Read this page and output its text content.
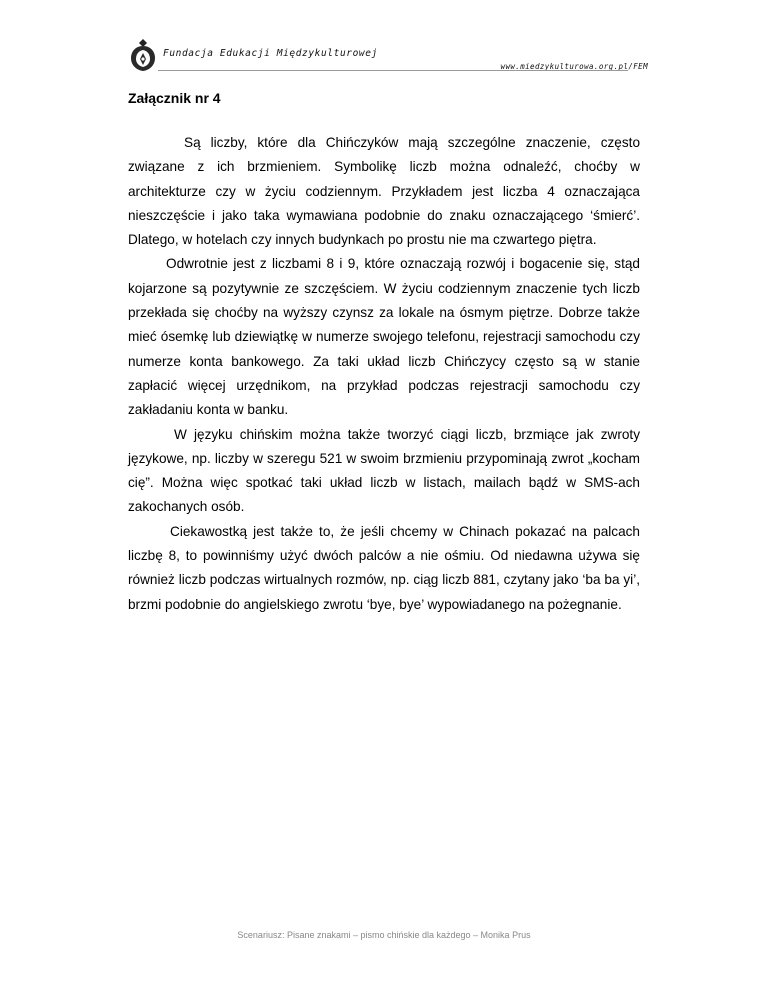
Fundacja Edukacji Międzykulturowej
www.miedzykulturowa.org.pl/FEM
Załącznik nr 4

Są liczby, które dla Chińczyków mają szczególne znaczenie, często związane z ich brzmieniem. Symbolikę liczb można odnaleźć, choćby w architekturze czy w życiu codziennym. Przykładem jest liczba 4 oznaczająca nieszczęście i jako taka wymawiana podobnie do znaku oznaczającego ‘śmierć’. Dlatego, w hotelach czy innych budynkach po prostu nie ma czwartego piętra.

Odwrotnie jest z liczbami 8 i 9, które oznaczają rozwój i bogacenie się, stąd kojarzone są pozytywnie ze szczęściem. W życiu codziennym znaczenie tych liczb przekłada się choćby na wyższy czynsz za lokale na ósmym piętrze. Dobrze także mieć ósemkę lub dziewiątkę w numerze swojego telefonu, rejestracji samochodu czy numerze konta bankowego. Za taki układ liczb Chińczycy często są w stanie zapłacić więcej urzędnikom, na przykład podczas rejestracji samochodu czy zakładaniu konta w banku.

W języku chińskim można także tworzyć ciągi liczb, brzmiące jak zwroty językowe, np. liczby w szeregu 521 w swoim brzmieniu przypominają zwrot „kocham cię”. Można więc spotkać taki układ liczb w listach, mailach bądź w SMS-ach zakochanych osób.

Ciekawostką jest także to, że jeśli chcemy w Chinach pokazać na palcach liczbę 8, to powinniśmy użyć dwóch palców a nie ośmiu. Od niedawna używa się również liczb podczas wirtualnych rozmów, np. ciąg liczb 881, czytany jako ‘ba ba yi’, brzmi podobnie do angielskiego zwrotu ‘bye, bye’ wypowiadanego na pożegnanie.

Scenariusz: Pisane znakami – pismo chińskie dla każdego – Monika Prus
